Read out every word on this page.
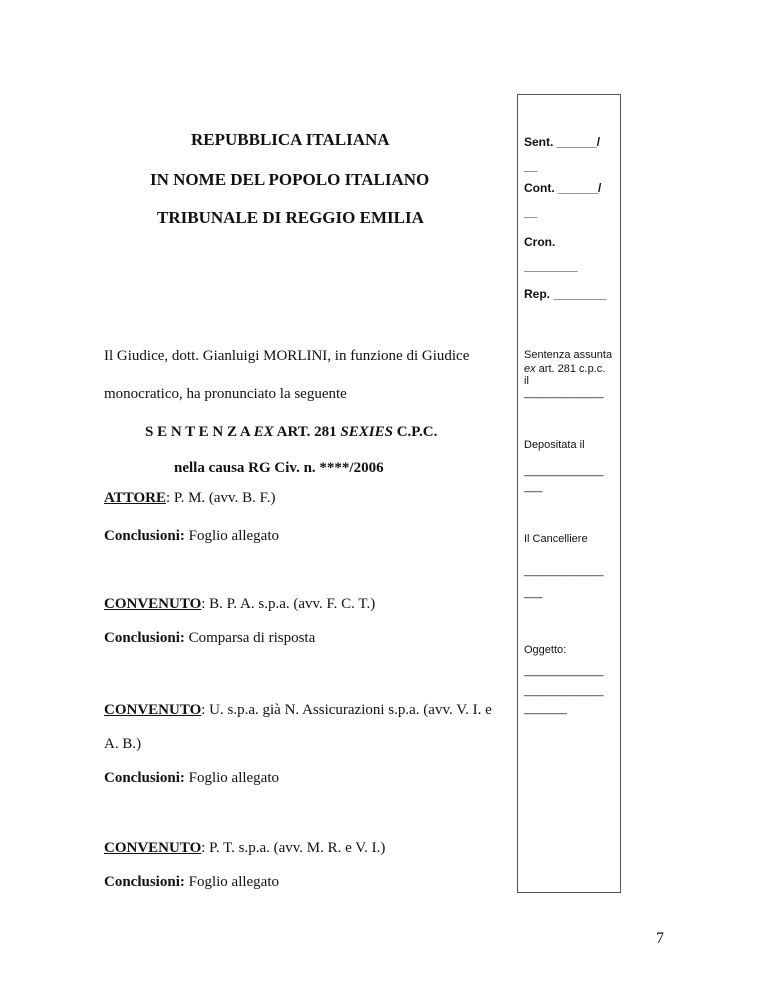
REPUBBLICA ITALIANA
IN NOME DEL POPOLO ITALIANO
TRIBUNALE DI REGGIO EMILIA
Sent. ______/
__
Cont. ______/
__
Cron.
________
Rep. ________
Sentenza assunta
ex art. 281 c.p.c.
il
_____________
Depositata il
_____________
___
Il Cancelliere
_____________
___
Oggetto:
_____________
_____________
_______
Il Giudice, dott. Gianluigi MORLINI, in funzione di Giudice
monocratico, ha pronunciato la seguente
S E N T E N Z A EX ART. 281 SEXIES C.P.C.
nella causa RG Civ. n. ****/2006
ATTORE: P. M. (avv. B. F.)
Conclusioni: Foglio allegato
CONVENUTO: B. P. A. s.p.a. (avv. F. C. T.)
Conclusioni: Comparsa di risposta
CONVENUTO: U. s.p.a. già N. Assicurazioni s.p.a. (avv. V. I. e
A. B.)
Conclusioni: Foglio allegato
CONVENUTO: P. T. s.p.a. (avv. M. R. e V. I.)
Conclusioni: Foglio allegato
7
